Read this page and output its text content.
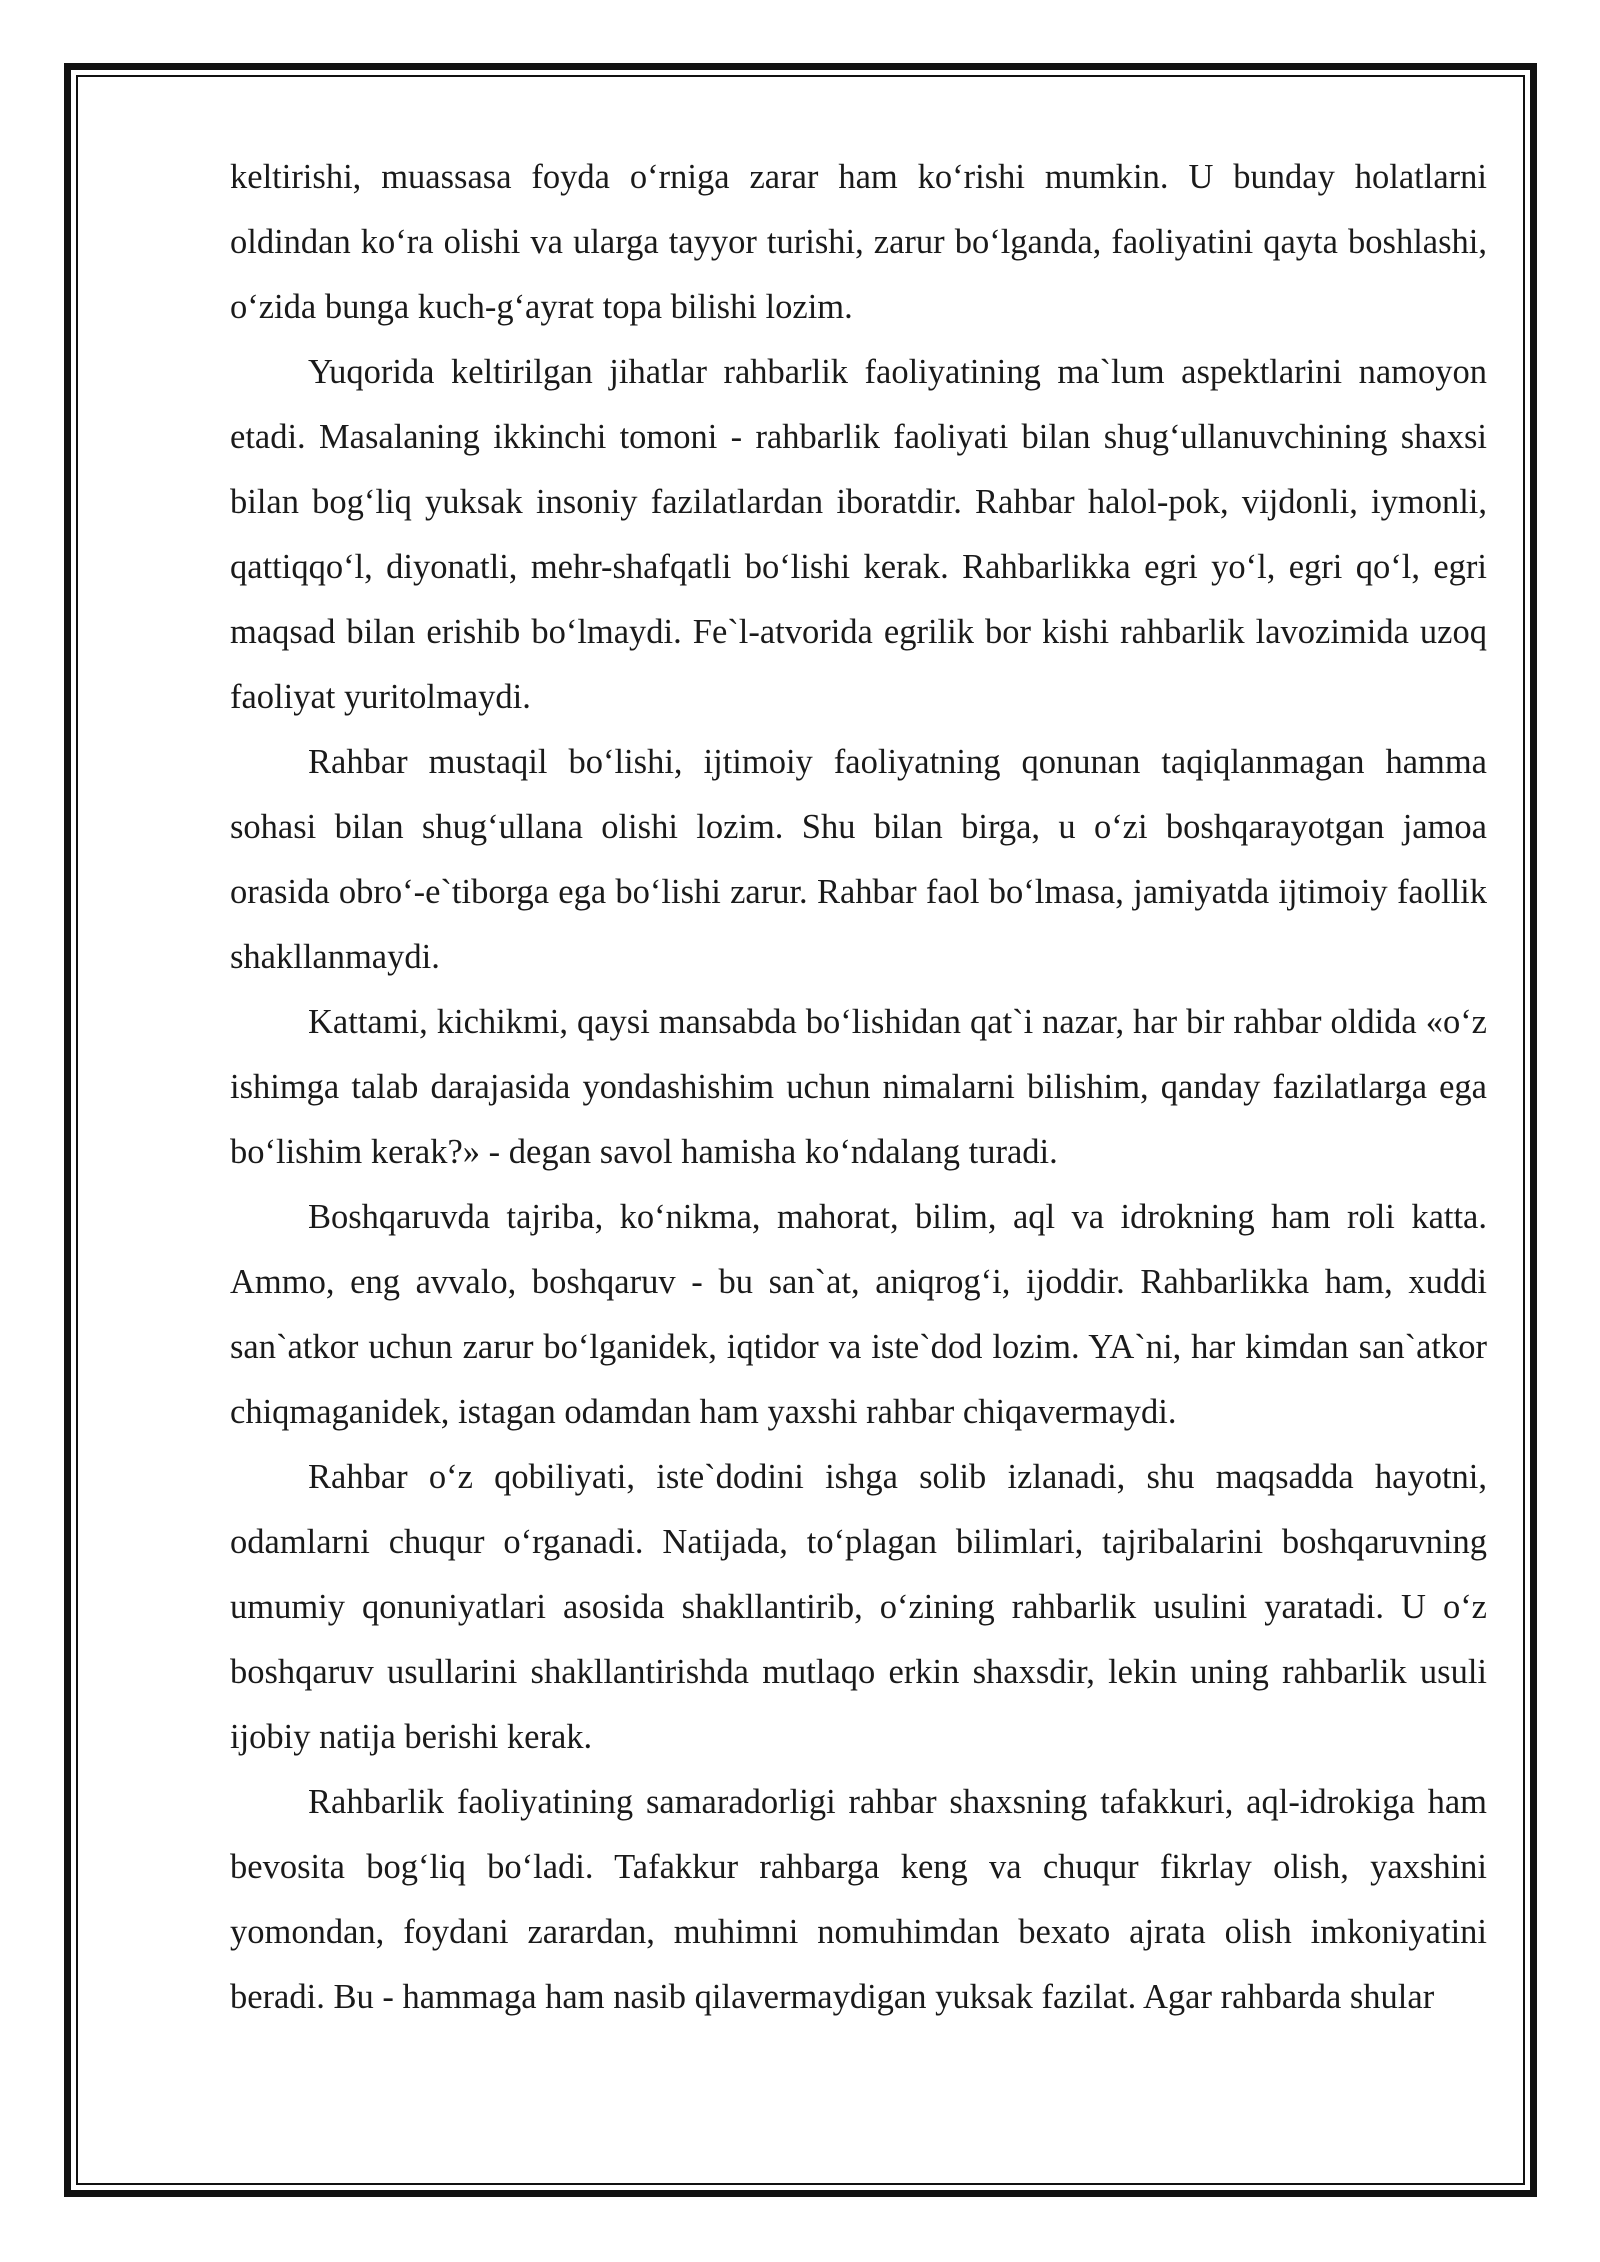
keltirishi, muassasa foyda o‘rniga zarar ham ko‘rishi mumkin. U bunday holatlarni oldindan ko‘ra olishi va ularga tayyor turishi, zarur bo‘lganda, faoliyatini qayta boshlashi, o‘zida bunga kuch-g‘ayrat topa bilishi lozim.

Yuqorida keltirilgan jihatlar rahbarlik faoliyatining ma`lum aspektlarini namoyon etadi. Masalaning ikkinchi tomoni - rahbarlik faoliyati bilan shug‘ullanuvchining shaxsi bilan bog‘liq yuksak insoniy fazilatlardan iboratdir. Rahbar halol-pok, vijdonli, iymonli, qattiqqo‘l, diyonatli, mehr-shafqatli bo‘lishi kerak. Rahbarlikka egri yo‘l, egri qo‘l, egri maqsad bilan erishib bo‘lmaydi. Fe`l-atvorida egrilik bor kishi rahbarlik lavozimida uzoq faoliyat yuritolmaydi.

Rahbar mustaqil bo‘lishi, ijtimoiy faoliyatning qonunan taqiqlanmagan hamma sohasi bilan shug‘ullana olishi lozim. Shu bilan birga, u o‘zi boshqarayotgan jamoa orasida obro‘-e`tiborga ega bo‘lishi zarur. Rahbar faol bo‘lmasa, jamiyatda ijtimoiy faollik shakllanmaydi.

Kattami, kichikmi, qaysi mansabda bo‘lishidan qat`i nazar, har bir rahbar oldida «o‘z ishimga talab darajasida yondashishim uchun nimalarni bilishim, qanday fazilatlarga ega bo‘lishim kerak?» - degan savol hamisha ko‘ndalang turadi.

Boshqaruvda tajriba, ko‘nikma, mahorat, bilim, aql va idrokning ham roli katta. Ammo, eng avvalo, boshqaruv - bu san`at, aniqrog‘i, ijoddir. Rahbarlikka ham, xuddi san`atkor uchun zarur bo‘lganidek, iqtidor va iste`dod lozim. YA`ni, har kimdan san`atkor chiqmaganidek, istagan odamdan ham yaxshi rahbar chiqavermaydi.

Rahbar o‘z qobiliyati, iste`dodini ishga solib izlanadi, shu maqsadda hayotni, odamlarni chuqur o‘rganadi. Natijada, to‘plagan bilimlari, tajribalarini boshqaruvning umumiy qonuniyatlari asosida shakllantirib, o‘zining rahbarlik usulini yaratadi. U o‘z boshqaruv usullarini shakllantirishda mutlaqo erkin shaxsdir, lekin uning rahbarlik usuli ijobiy natija berishi kerak.

Rahbarlik faoliyatining samaradorligi rahbar shaxsning tafakkuri, aql-idrokiga ham bevosita bog‘liq bo‘ladi. Tafakkur rahbarga keng va chuqur fikrlay olish, yaxshini yomondan, foydani zarardan, muhimni nomuhimdan bexato ajrata olish imkoniyatini beradi. Bu - hammaga ham nasib qilavermaydigan yuksak fazilat. Agar rahbarda shular
